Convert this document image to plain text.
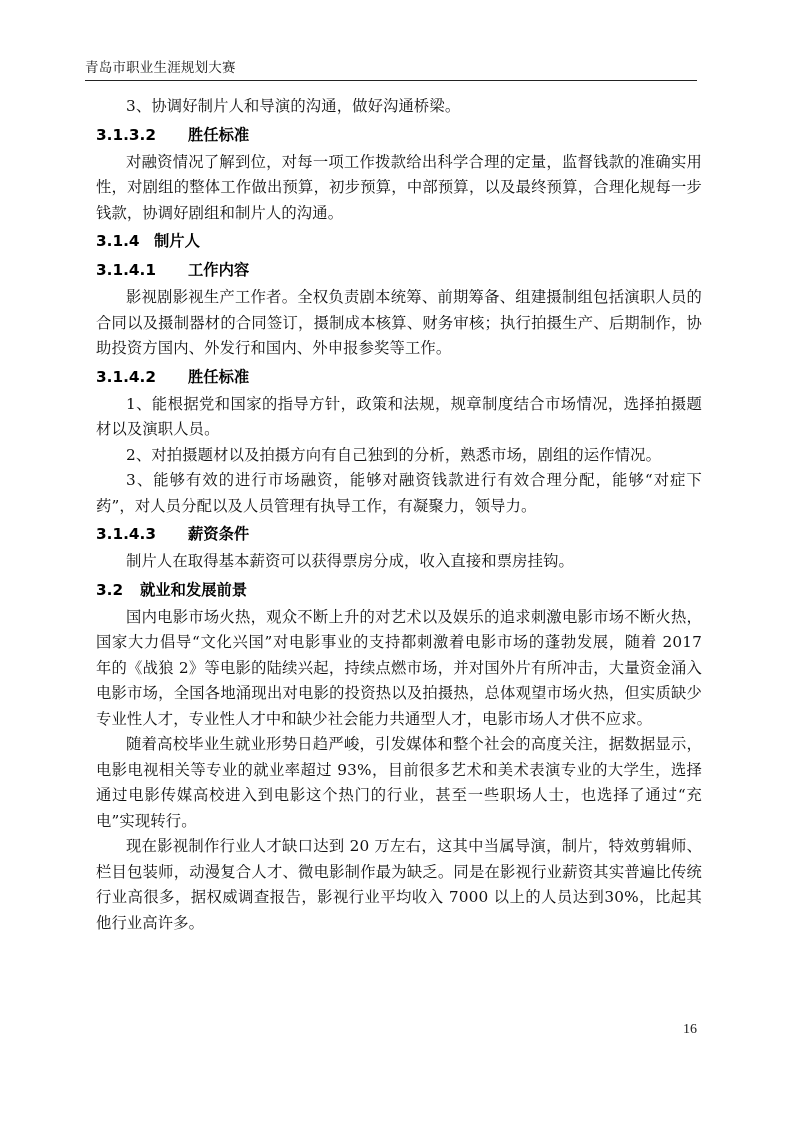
青岛市职业生涯规划大赛

3、协调好制片人和导演的沟通，做好沟通桥梁。

3.1.3.2	胜任标准

对融资情况了解到位，对每一项工作拨款给出科学合理的定量，监督钱款的准确实用性，对剧组的整体工作做出预算，初步预算，中部预算，以及最终预算，合理化规每一步钱款，协调好剧组和制片人的沟通。

3.1.4 制片人
3.1.4.1	工作内容

影视剧影视生产工作者。全权负责剧本统筹、前期筹备、组建摄制组包括演职人员的合同以及摄制器材的合同签订，摄制成本核算、财务审核；执行拍摄生产、后期制作，协助投资方国内、外发行和国内、外申报参奖等工作。

3.1.4.2	胜任标准

1、能根据党和国家的指导方针，政策和法规，规章制度结合市场情况，选择拍摄题材以及演职人员。

2、对拍摄题材以及拍摄方向有自己独到的分析，熟悉市场，剧组的运作情况。

3、能够有效的进行市场融资，能够对融资钱款进行有效合理分配，能够“对症下药”，对人员分配以及人员管理有执导工作，有凝聚力，领导力。

3.1.4.3	薪资条件

制片人在取得基本薪资可以获得票房分成，收入直接和票房挂钩。

3.2	就业和发展前景

国内电影市场火热，观众不断上升的对艺术以及娱乐的追求刺激电影市场不断火热，国家大力倡导“文化兴国”对电影事业的支持都刺激着电影市场的蓬勃发展，随着 2017 年的《战狼 2》等电影的陆续兴起，持续点燃市场，并对国外片有所冲击，大量资金涌入电影市场，全国各地涌现出对电影的投资热以及拍摄热，总体观望市场火热，但实质缺少专业性人才，专业性人才中和缺少社会能力共通型人才，电影市场人才供不应求。

随着高校毕业生就业形势日趋严峻，引发媒体和整个社会的高度关注，据数据显示，电影电视相关等专业的就业率超过 93%，目前很多艺术和美术表演专业的大学生，选择通过电影传媒高校进入到电影这个热门的行业，甚至一些职场人士，也选择了通过“充电”实现转行。

现在影视制作行业人才缺口达到 20 万左右，这其中当属导演，制片，特效剪辑师、栏目包装师，动漫复合人才、微电影制作最为缺乏。同是在影视行业薪资其实普遍比传统行业高很多，据权威调查报告，影视行业平均收入 7000 以上的人员达到30%，比起其他行业高许多。

16
